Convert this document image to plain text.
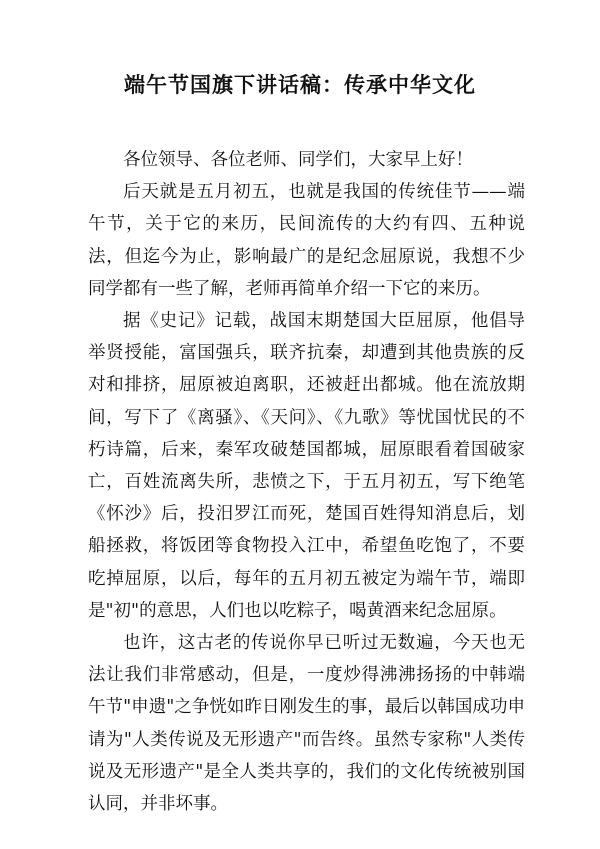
端午节国旗下讲话稿：传承中华文化

各位领导、各位老师、同学们，大家早上好！

后天就是五月初五，也就是我国的传统佳节——端午节，关于它的来历，民间流传的大约有四、五种说法，但迄今为止，影响最广的是纪念屈原说，我想不少同学都有一些了解，老师再简单介绍一下它的来历。

据《史记》记载，战国末期楚国大臣屈原，他倡导举贤授能，富国强兵，联齐抗秦，却遭到其他贵族的反对和排挤，屈原被迫离职，还被赶出都城。他在流放期间，写下了《离骚》、《天问》、《九歌》等忧国忧民的不朽诗篇，后来，秦军攻破楚国都城，屈原眼看着国破家亡，百姓流离失所，悲愤之下，于五月初五，写下绝笔《怀沙》后，投汨罗江而死，楚国百姓得知消息后，划船拯救，将饭团等食物投入江中，希望鱼吃饱了，不要吃掉屈原，以后，每年的五月初五被定为端午节，端即是"初"的意思，人们也以吃粽子，喝黄酒来纪念屈原。

也许，这古老的传说你早已听过无数遍，今天也无法让我们非常感动，但是，一度炒得沸沸扬扬的中韩端午节"申遗"之争恍如昨日刚发生的事，最后以韩国成功申请为"人类传说及无形遗产"而告终。虽然专家称"人类传说及无形遗产"是全人类共享的，我们的文化传统被别国认同，并非坏事。
